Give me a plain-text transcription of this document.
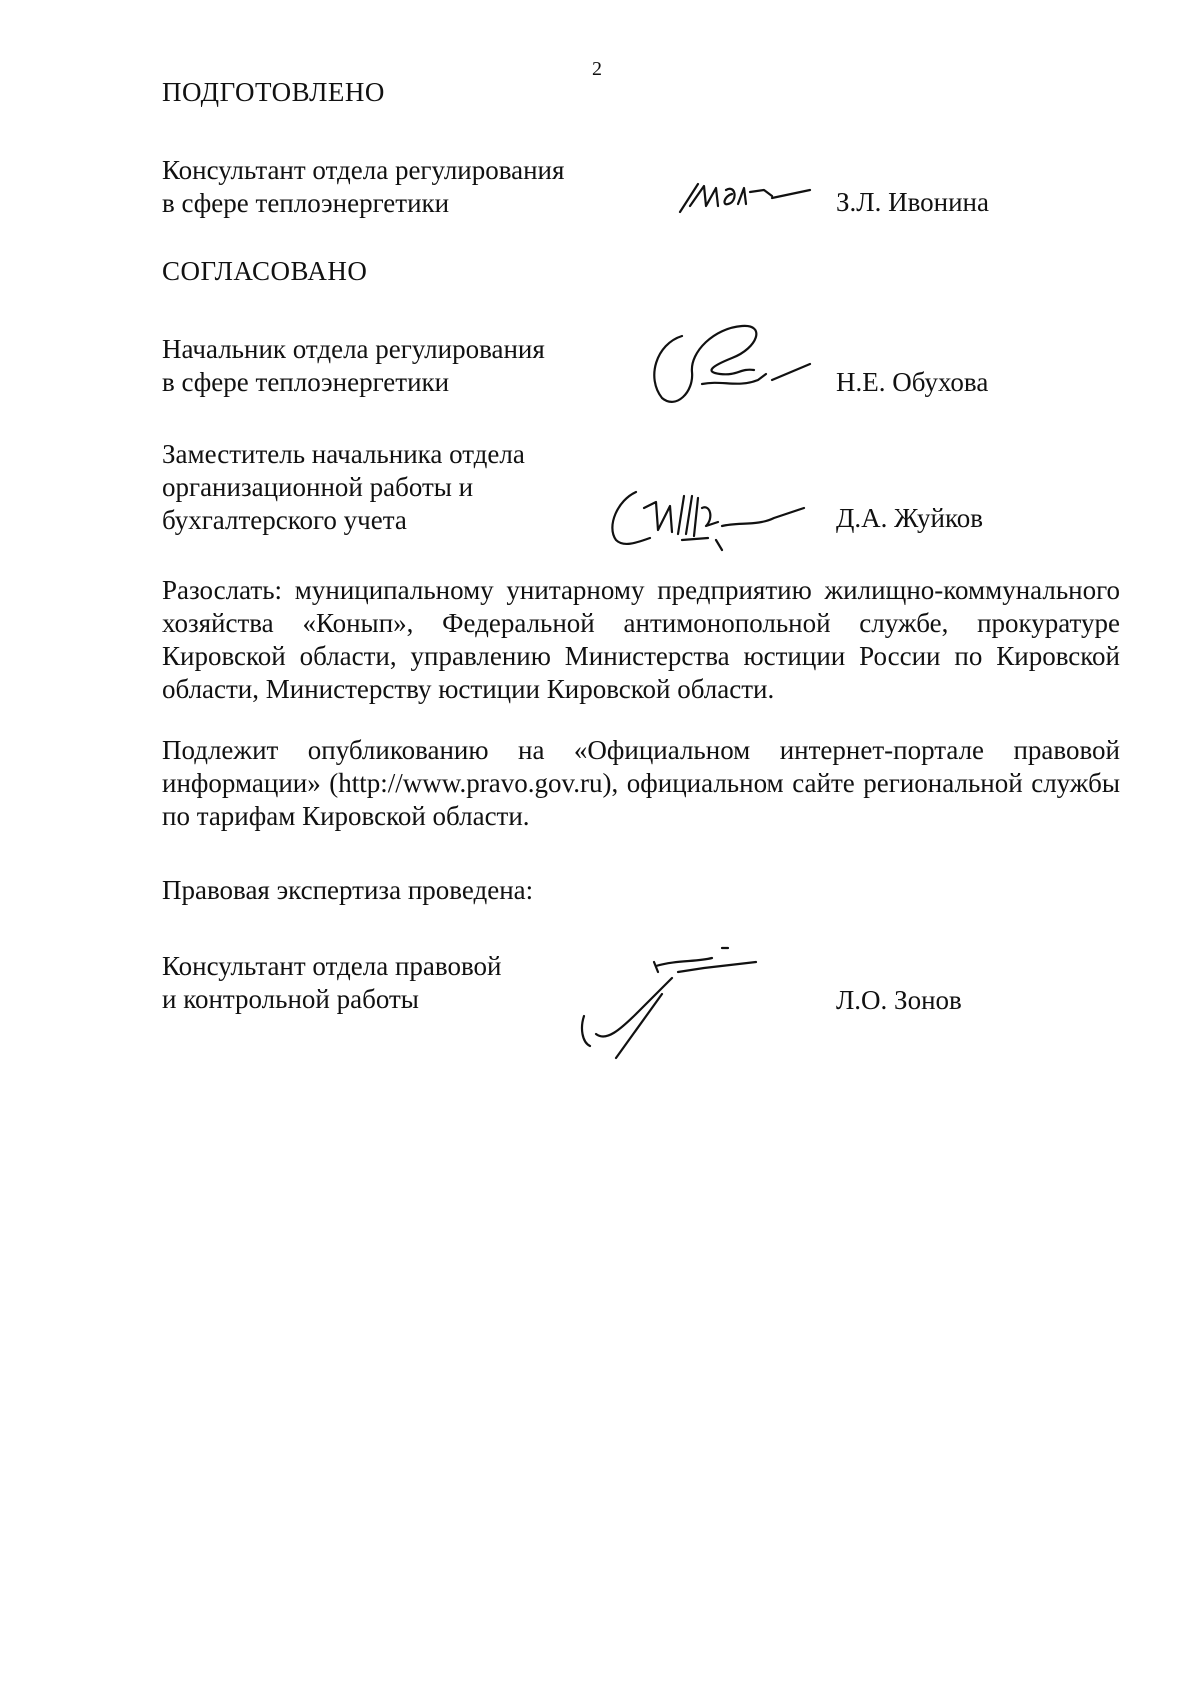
2
ПОДГОТОВЛЕНО
Консультант отдела регулирования
в сфере теплоэнергетики	З.Л. Ивонина
СОГЛАСОВАНО
Начальник отдела регулирования
в сфере теплоэнергетики	Н.Е. Обухова
Заместитель начальника отдела
организационной работы и
бухгалтерского учета	Д.А. Жуйков
Разослать: муниципальному унитарному предприятию жилищно-коммунального хозяйства «Конып», Федеральной антимонопольной службе, прокуратуре Кировской области, управлению Министерства юстиции России по Кировской области, Министерству юстиции Кировской области.
Подлежит опубликованию на «Официальном интернет-портале правовой информации» (http://www.pravo.gov.ru), официальном сайте региональной службы по тарифам Кировской области.
Правовая экспертиза проведена:
Консультант отдела правовой
и контрольной работы	Л.О. Зонов
